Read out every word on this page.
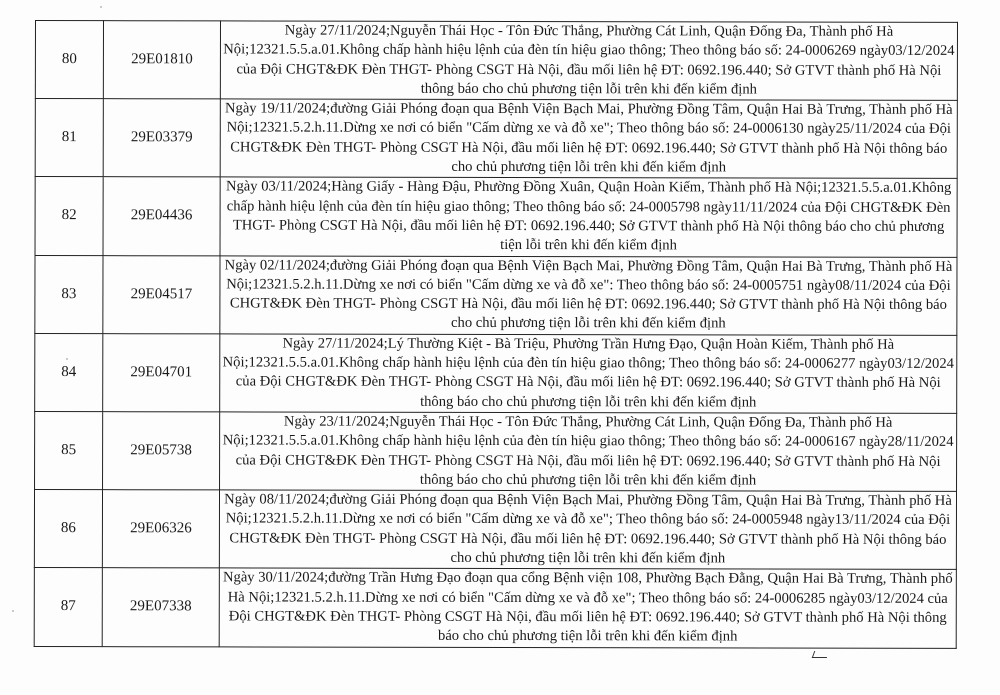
80	29E01810	Ngày 27/11/2024;Nguyễn Thái Học - Tôn Đức Thắng, Phường Cát Linh, Quận Đống Đa, Thành phố Hà Nội;12321.5.5.a.01.Không chấp hành hiệu lệnh của đèn tín hiệu giao thông; Theo thông báo số: 24-0006269 ngày03/12/2024 của Đội CHGT&ĐK Đèn THGT- Phòng CSGT Hà Nội, đầu mối liên hệ ĐT: 0692.196.440; Sở GTVT thành phố Hà Nội thông báo cho chủ phương tiện lỗi trên khi đến kiểm định

81	29E03379	Ngày 19/11/2024;đường Giải Phóng đoạn qua Bệnh Viện Bạch Mai, Phường Đồng Tâm, Quận Hai Bà Trưng, Thành phố Hà Nội;12321.5.2.h.11.Dừng xe nơi có biển "Cấm dừng xe và đỗ xe"; Theo thông báo số: 24-0006130 ngày25/11/2024 của Đội CHGT&ĐK Đèn THGT- Phòng CSGT Hà Nội, đầu mối liên hệ ĐT: 0692.196.440; Sở GTVT thành phố Hà Nội thông báo cho chủ phương tiện lỗi trên khi đến kiểm định

82	29E04436	Ngày 03/11/2024;Hàng Giấy - Hàng Đậu, Phường Đồng Xuân, Quận Hoàn Kiếm, Thành phố Hà Nội;12321.5.5.a.01.Không chấp hành hiệu lệnh của đèn tín hiệu giao thông; Theo thông báo số: 24-0005798 ngày11/11/2024 của Đội CHGT&ĐK Đèn THGT- Phòng CSGT Hà Nội, đầu mối liên hệ ĐT: 0692.196.440; Sở GTVT thành phố Hà Nội thông báo cho chủ phương tiện lỗi trên khi đến kiểm định

83	29E04517	Ngày 02/11/2024;đường Giải Phóng đoạn qua Bệnh Viện Bạch Mai, Phường Đồng Tâm, Quận Hai Bà Trưng, Thành phố Hà Nội;12321.5.2.h.11.Dừng xe nơi có biển "Cấm dừng xe và đỗ xe": Theo thông báo số: 24-0005751 ngày08/11/2024 của Đội CHGT&ĐK Đèn THGT- Phòng CSGT Hà Nội, đầu mối liên hệ ĐT: 0692.196.440; Sở GTVT thành phố Hà Nội thông báo cho chủ phương tiện lỗi trên khi đến kiểm định

84	29E04701	Ngày 27/11/2024;Lý Thường Kiệt - Bà Triệu, Phường Trần Hưng Đạo, Quận Hoàn Kiếm, Thành phố Hà Nội;12321.5.5.a.01.Không chấp hành hiệu lệnh của đèn tín hiệu giao thông; Theo thông báo số: 24-0006277 ngày03/12/2024 của Đội CHGT&ĐK Đèn THGT- Phòng CSGT Hà Nội, đầu mối liên hệ ĐT: 0692.196.440; Sở GTVT thành phố Hà Nội thông báo cho chủ phương tiện lỗi trên khi đến kiểm định

85	29E05738	Ngày 23/11/2024;Nguyễn Thái Học - Tôn Đức Thắng, Phường Cát Linh, Quận Đống Đa, Thành phố Hà Nội;12321.5.5.a.01.Không chấp hành hiệu lệnh của đèn tín hiệu giao thông; Theo thông báo số: 24-0006167 ngày28/11/2024 của Đội CHGT&ĐK Đèn THGT- Phòng CSGT Hà Nội, đầu mối liên hệ ĐT: 0692.196.440; Sở GTVT thành phố Hà Nội thông báo cho chủ phương tiện lỗi trên khi đến kiểm định

86	29E06326	Ngày 08/11/2024;đường Giải Phóng đoạn qua Bệnh Viện Bạch Mai, Phường Đồng Tâm, Quận Hai Bà Trưng, Thành phố Hà Nội;12321.5.2.h.11.Dừng xe nơi có biển "Cấm dừng xe và đỗ xe"; Theo thông báo số: 24-0005948 ngày13/11/2024 của Đội CHGT&ĐK Đèn THGT- Phòng CSGT Hà Nội, đầu mối liên hệ ĐT: 0692.196.440; Sở GTVT thành phố Hà Nội thông báo cho chủ phương tiện lỗi trên khi đến kiểm định

87	29E07338	Ngày 30/11/2024;đường Trần Hưng Đạo đoạn qua cổng Bệnh viện 108, Phường Bạch Đằng, Quận Hai Bà Trưng, Thành phố Hà Nội;12321.5.2.h.11.Dừng xe nơi có biển "Cấm dừng xe và đỗ xe"; Theo thông báo số: 24-0006285 ngày03/12/2024 của Đội CHGT&ĐK Đèn THGT- Phòng CSGT Hà Nội, đầu mối liên hệ ĐT: 0692.196.440; Sở GTVT thành phố Hà Nội thông báo cho chủ phương tiện lỗi trên khi đến kiểm định
